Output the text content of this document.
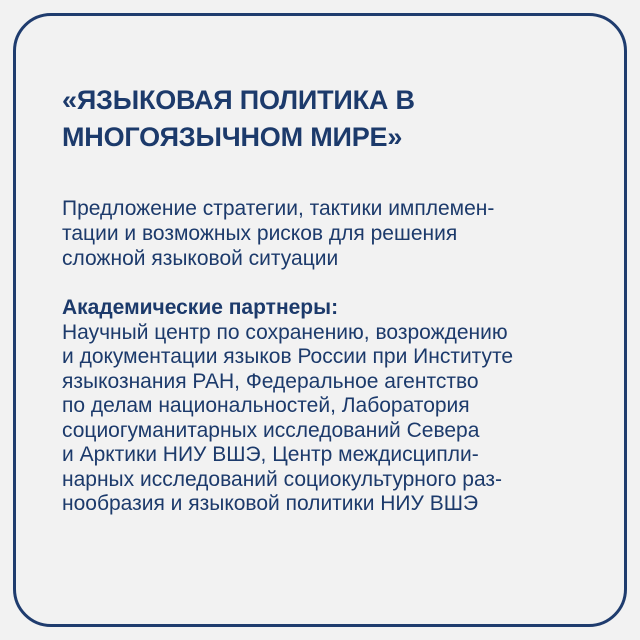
«ЯЗЫКОВАЯ ПОЛИТИКА В
МНОГОЯЗЫЧНОМ МИРЕ»

Предложение стратегии, тактики имплемен-
тации и возможных рисков для решения
сложной языковой ситуации

Академические партнеры:
Научный центр по сохранению, возрождению
и документации языков России при Институте
языкознания РАН, Федеральное агентство
по делам национальностей, Лаборатория
социогуманитарных исследований Севера
и Арктики НИУ ВШЭ, Центр междисципли-
нарных исследований социокультурного раз-
нообразия и языковой политики НИУ ВШЭ
